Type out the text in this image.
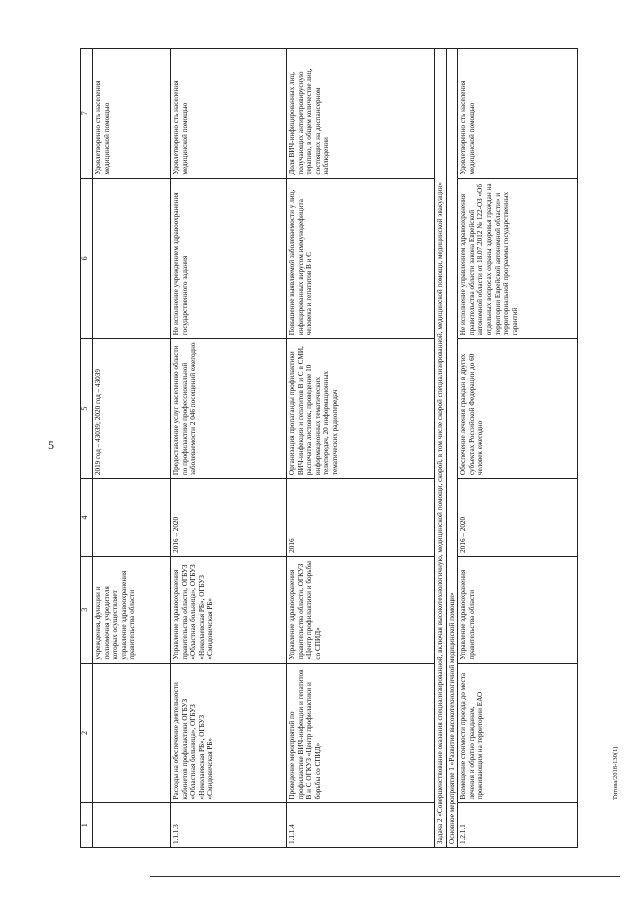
5
1	2	3	4	5	6	7
		учреждения, функции и полномочия учредителя которых осуществляет управление здравоохранения правительства области		2019 год – 43039; 2020 год – 43039		Удовлетворенно сть населения медицинской помощью
1.1.1.3	Расходы на обеспечение деятельности кабинетов профилактики ОГБУЗ «Областная больница», ОГБУЗ «Николаевская РБ», ОГБУЗ «Смидовичская РБ»	Управление здравоохранения правительства области, ОГБУЗ «Областная больница», ОГБУЗ «Николаевская РБ», ОГБУЗ «Смидовичская РБ»	2016 – 2020	Предоставление услуг населению области по профилактике профессиональной заболеваемости 2 046 посещений ежегодно	Не исполнение учреждением здравоохранения государственного задания	Удовлетворенно сть населения медицинской помощью
1.1.1.4	Проведение мероприятий по профилактике ВИЧ-инфекции и гепатитов В и С ОГКУЗ «Центр профилактики и борьбы со СПИД»	Управление здравоохранения правительства области, ОГКУЗ «Центр профилактики и борьбы со СПИД»	2016	Организация пропаганды профилактики ВИЧ-инфекции и гепатитов В и С в СМИ, распечатка листовок, проведение 10 информационных тематических телепередач, 20 информационных тематических радиопередач	Повышение выявляемой заболеваемости у лиц, инфицированных вирусом иммунодефицита человека и гепатитов В и С	Доля ВИЧ-инфицированных лиц, получающих антиретровирусную терапию, в общем количестве лиц, состоящих на диспансерном наблюдении
Задача 2 «Совершенствование оказания специализированной, включая высокотехнологичную, медицинской помощи, скорой, в том числе скорой специализированной, медицинской помощи, медицинской эвакуации»						
Основное мероприятие 1 «Развитие высокотехнологичной медицинской помощи»						
1.2.1.1	Возмещение стоимости проезда до места лечения и обратно гражданам, проживающим на территории ЕАО	Управление здравоохранения правительства области	2016 – 2020	Обеспечение лечения граждан в других субъектах Российской Федерации до 60 человек ежегодно	Не исполнение управлением здравоохранения правительства области закона Еврейской автономной области от 18.07.2012 № 122-ОЗ «Об отдельных вопросах охраны здоровья граждан на территории Еврейской автономной области» и территориальной программы государственных гарантий	Удовлетворенно сть населения медицинской помощью
Титова/2018-130(1)
